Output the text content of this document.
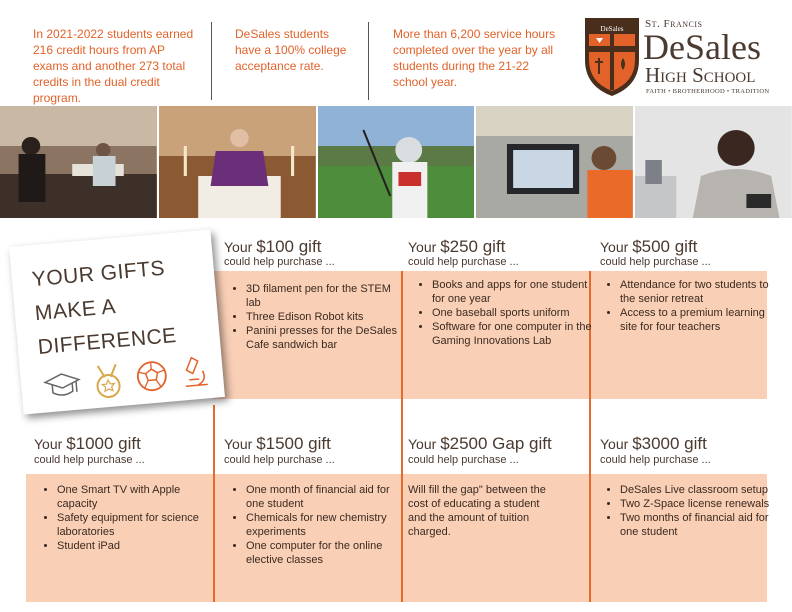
In 2021-2022 students earned 216 credit hours from AP exams and another 273 total credits in the dual credit program.
DeSales students have a 100% college acceptance rate.
More than 6,200 service hours completed over the year by all students during the 21-22 school year.
DeSales St. Francis
DeSales
High School
FAITH • BROTHERHOOD • TRADITION
Your $100 gift
could help purchase ...
• 3D filament pen for the STEM lab
• Three Edison Robot kits
• Panini presses for the DeSales Cafe sandwich bar
Your $250 gift
could help purchase ...
• Books and apps for one student for one year
• One baseball sports uniform
• Software for one computer in the Gaming Innovations Lab
Your $500 gift
could help purchase ...
• Attendance for two students to the senior retreat
• Access to a premium learning site for four teachers
Your $1000 gift
could help purchase ...
• One Smart TV with Apple capacity
• Safety equipment for science laboratories
• Student iPad
Your $1500 gift
could help purchase ...
• One month of financial aid for one student
• Chemicals for new chemistry experiments
• One computer for the online elective classes
Your $2500 Gap gift
could help purchase ...
Will fill the gap" between the cost of educating a student and the amount of tuition charged.
Your $3000 gift
could help purchase ...
• DeSales Live classroom setup
• Two Z-Space license renewals
• Two months of financial aid for one student
YOUR GIFTS
MAKE A
DIFFERENCE
